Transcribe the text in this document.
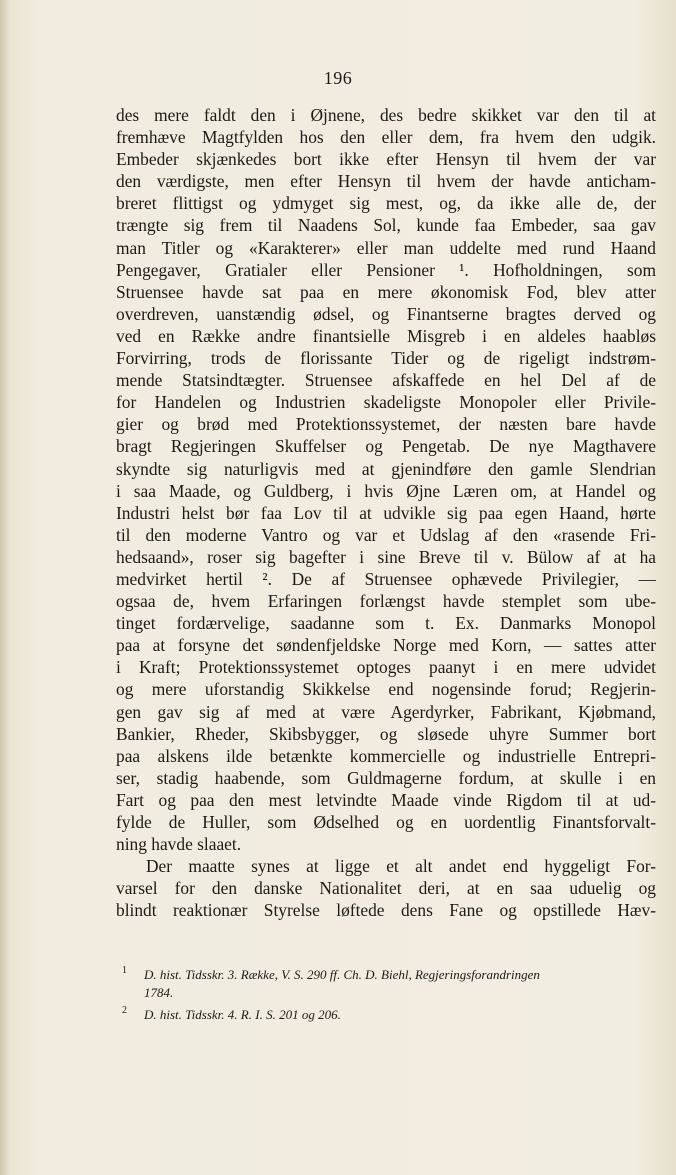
196
des mere faldt den i Øjnene, des bedre skikket var den til at
fremhæve Magtfylden hos den eller dem, fra hvem den udgik.
Embeder skjænkedes bort ikke efter Hensyn til hvem der var
den værdigste, men efter Hensyn til hvem der havde anticham-
breret flittigst og ydmyget sig mest, og, da ikke alle de, der
trængte sig frem til Naadens Sol, kunde faa Embeder, saa gav
man Titler og «Karakterer» eller man uddelte med rund Haand
Pengegaver, Gratialer eller Pensioner ¹. Hofholdningen, som
Struensee havde sat paa en mere økonomisk Fod, blev atter
overdreven, uanstændig ødsel, og Finantserne bragtes derved og
ved en Række andre finantsielle Misgreb i en aldeles haabløs
Forvirring, trods de florissante Tider og de rigeligt indstrøm-
mende Statsindtægter. Struensee afskaffede en hel Del af de
for Handelen og Industrien skadeligste Monopoler eller Privile-
gier og brød med Protektionssystemet, der næsten bare havde
bragt Regjeringen Skuffelser og Pengetab. De nye Magthavere
skyndte sig naturligvis med at gjenindføre den gamle Slendrian
i saa Maade, og Guldberg, i hvis Øjne Læren om, at Handel og
Industri helst bør faa Lov til at udvikle sig paa egen Haand, hørte
til den moderne Vantro og var et Udslag af den «rasende Fri-
hedsaand», roser sig bagefter i sine Breve til v. Bülow af at ha
medvirket hertil ². De af Struensee ophævede Privilegier, —
ogsaa de, hvem Erfaringen forlængst havde stemplet som ube-
tinget fordærvelige, saadanne som t. Ex. Danmarks Monopol
paa at forsyne det søndenfjeldske Norge med Korn, — sattes atter
i Kraft; Protektionssystemet optoges paanyt i en mere udvidet
og mere uforstandig Skikkelse end nogensinde forud; Regjerin-
gen gav sig af med at være Agerdyrker, Fabrikant, Kjøbmand,
Bankier, Rheder, Skibsbygger, og sløsede uhyre Summer bort
paa alskens ilde betænkte kommercielle og industrielle Entrepri-
ser, stadig haabende, som Guldmagerne fordum, at skulle i en
Fart og paa den mest letvindte Maade vinde Rigdom til at ud-
fylde de Huller, som Ødselhed og en uordentlig Finantsforvalt-
ning havde slaaet.
Der maatte synes at ligge et alt andet end hyggeligt For-
varsel for den danske Nationalitet deri, at en saa uduelig og
blindt reaktionær Styrelse løftede dens Fane og opstillede Hæv-
1 D. hist. Tidsskr. 3. Række, V. S. 290 ff. Ch. D. Biehl, Regjeringsforandringen
1784.
2 D. hist. Tidsskr. 4. R. I. S. 201 og 206.
